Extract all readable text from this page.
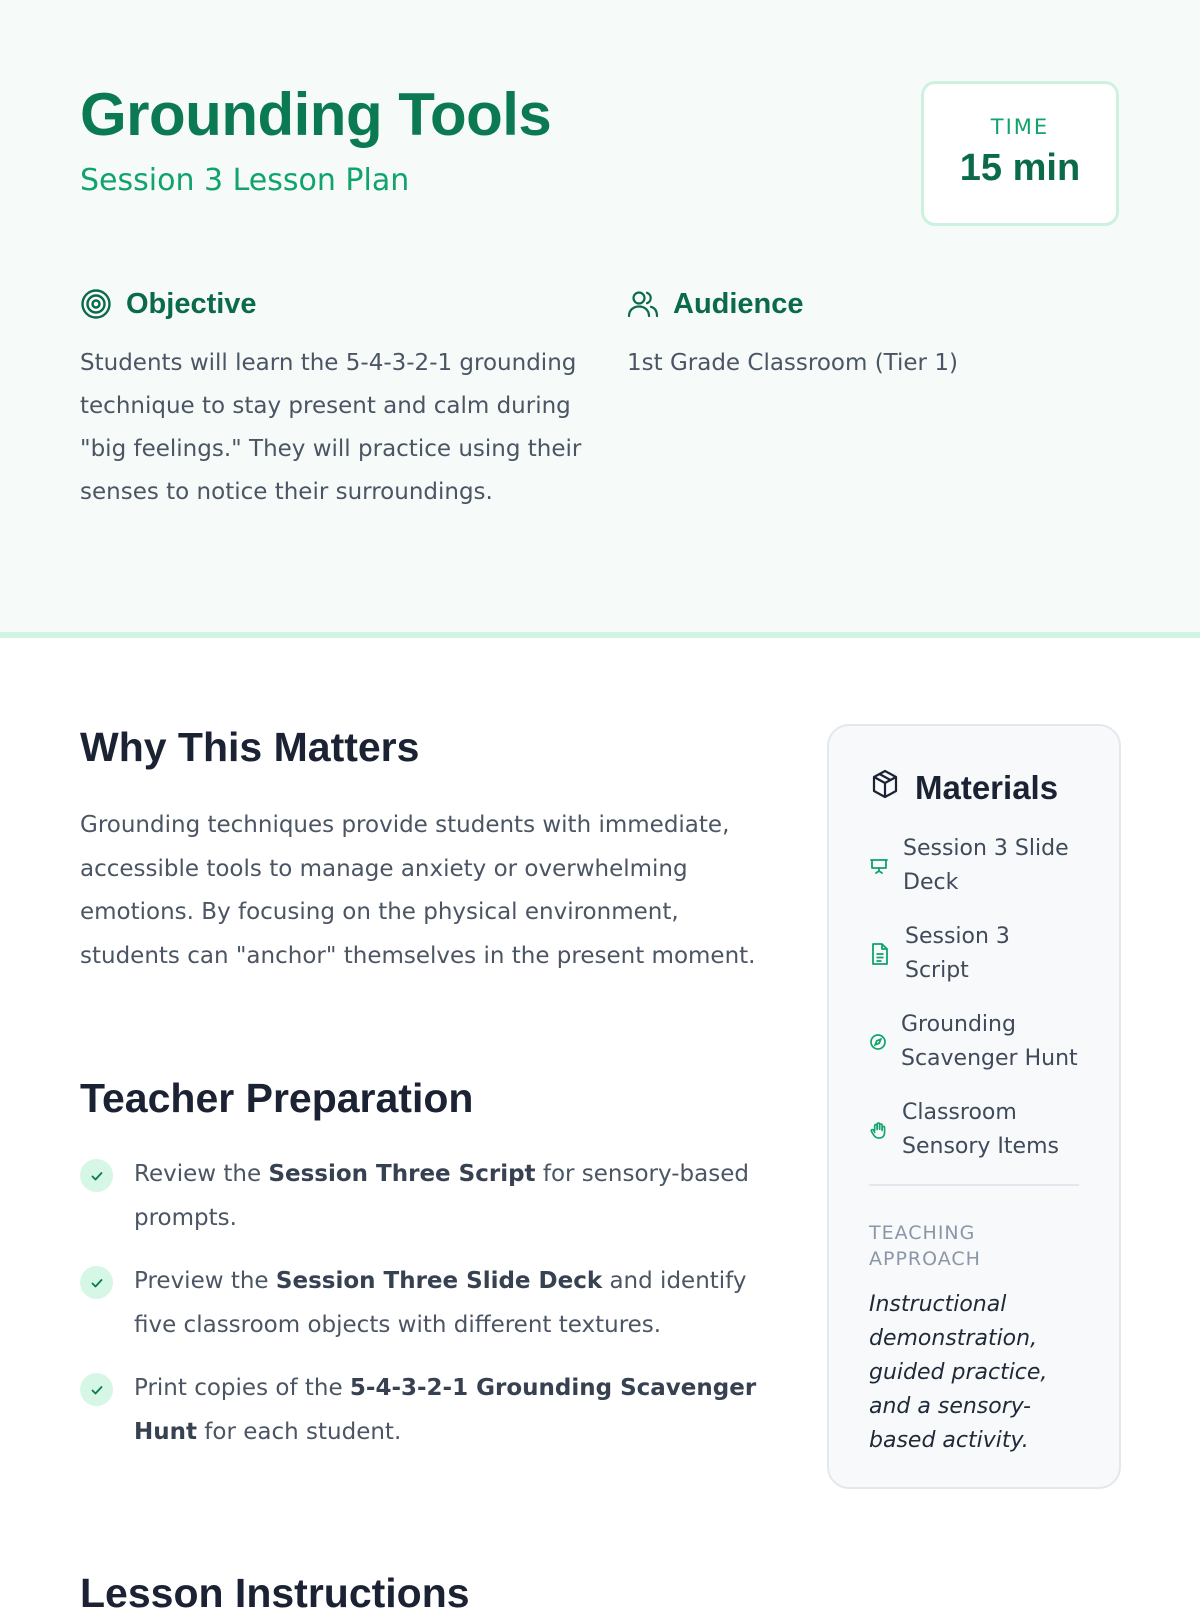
Grounding Tools
Session 3 Lesson Plan
TIME
15 min
Objective
Students will learn the 5-4-3-2-1 grounding technique to stay present and calm during "big feelings." They will practice using their senses to notice their surroundings.
Audience
1st Grade Classroom (Tier 1)
Why This Matters
Grounding techniques provide students with immediate, accessible tools to manage anxiety or overwhelming emotions. By focusing on the physical environment, students can "anchor" themselves in the present moment.
Teacher Preparation
Review the Session Three Script for sensory-based prompts.
Preview the Session Three Slide Deck and identify five classroom objects with different textures.
Print copies of the 5-4-3-2-1 Grounding Scavenger Hunt for each student.
Materials
Session 3 Slide Deck
Session 3 Script
Grounding Scavenger Hunt
Classroom Sensory Items
TEACHING APPROACH
Instructional demonstration, guided practice, and a sensory-based activity.
Lesson Instructions
